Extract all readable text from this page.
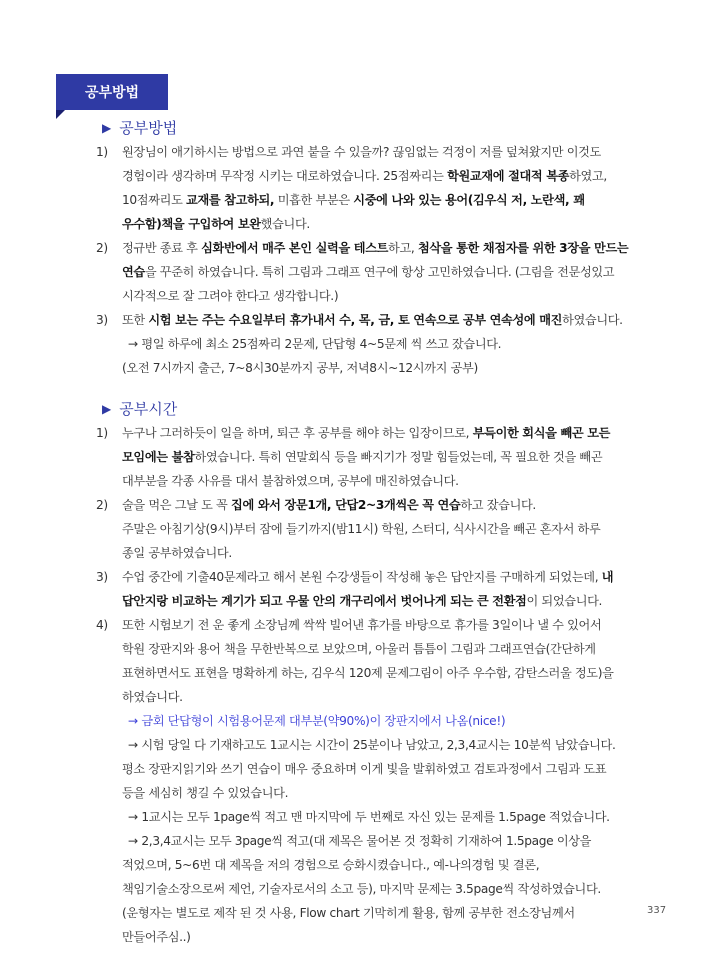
공부방법
▶ 공부방법
1) 원장님이 애기하시는 방법으로 과연 붙을 수 있을까? 끊임없는 걱정이 저를 덮쳐왔지만 이것도
경험이라 생각하며 무작정 시키는 대로하였습니다. 25점짜리는 학원교재에 절대적 복종하였고,
10점짜리도 교재를 참고하되, 미흡한 부분은 시중에 나와 있는 용어(김우식 저, 노란색, 꽤
우수함)책을 구입하여 보완했습니다.
2) 정규반 종료 후 심화반에서 매주 본인 실력을 테스트하고, 첨삭을 통한 채점자를 위한 3장을 만드는
연습을 꾸준히 하였습니다. 특히 그림과 그래프 연구에 항상 고민하였습니다. (그림을 전문성있고
시각적으로 잘 그려야 한다고 생각합니다.)
3) 또한 시험 보는 주는 수요일부터 휴가내서 수, 목, 금, 토 연속으로 공부 연속성에 매진하였습니다.
→ 평일 하루에 최소 25점짜리 2문제, 단답형 4~5문제 씩 쓰고 잤습니다.
(오전 7시까지 출근, 7~8시30분까지 공부, 저녁8시~12시까지 공부)
▶ 공부시간
1) 누구나 그러하듯이 일을 하며, 퇴근 후 공부를 해야 하는 입장이므로, 부득이한 회식을 빼곤 모든
모임에는 불참하였습니다. 특히 연말회식 등을 빠지기가 정말 힘들었는데, 꼭 필요한 것을 빼곤
대부분을 각종 사유를 대서 불참하였으며, 공부에 매진하였습니다.
2) 술을 먹은 그날 도 꼭 집에 와서 장문1개, 단답2~3개씩은 꼭 연습하고 잤습니다.
주말은 아침기상(9시)부터 잠에 들기까지(밤11시) 학원, 스터디, 식사시간을 빼곤 혼자서 하루
종일 공부하였습니다.
3) 수업 중간에 기출40문제라고 해서 본원 수강생들이 작성해 놓은 답안지를 구매하게 되었는데, 내
답안지랑 비교하는 계기가 되고 우물 안의 개구리에서 벗어나게 되는 큰 전환점이 되었습니다.
4) 또한 시험보기 전 운 좋게 소장님께 싹싹 빌어낸 휴가를 바탕으로 휴가를 3일이나 낼 수 있어서
학원 장판지와 용어 책을 무한반복으로 보았으며, 아울러 틈틈이 그림과 그래프연습(간단하게
표현하면서도 표현을 명확하게 하는, 김우식 120제 문제그림이 아주 우수함, 감탄스러울 정도)을
하였습니다.
→ 금회 단답형이 시험용어문제 대부분(약90%)이 장판지에서 나옴(nice!)
→ 시험 당일 다 기재하고도 1교시는 시간이 25분이나 남았고, 2,3,4교시는 10분씩 남았습니다.
평소 장판지읽기와 쓰기 연습이 매우 중요하며 이게 빛을 발휘하였고 검토과정에서 그림과 도표
등을 세심히 챙길 수 있었습니다.
→ 1교시는 모두 1page씩 적고 맨 마지막에 두 번째로 자신 있는 문제를 1.5page 적었습니다.
→ 2,3,4교시는 모두 3page씩 적고(대 제목은 물어본 것 정확히 기재하여 1.5page 이상을
적었으며, 5~6번 대 제목을 저의 경험으로 승화시켰습니다., 예-나의경험 및 결론,
책임기술소장으로써 제언, 기술자로서의 소고 등), 마지막 문제는 3.5page씩 작성하였습니다.
(운형자는 별도로 제작 된 것 사용, Flow chart 기막히게 활용, 함께 공부한 전소장님께서
만들어주심..)
337
